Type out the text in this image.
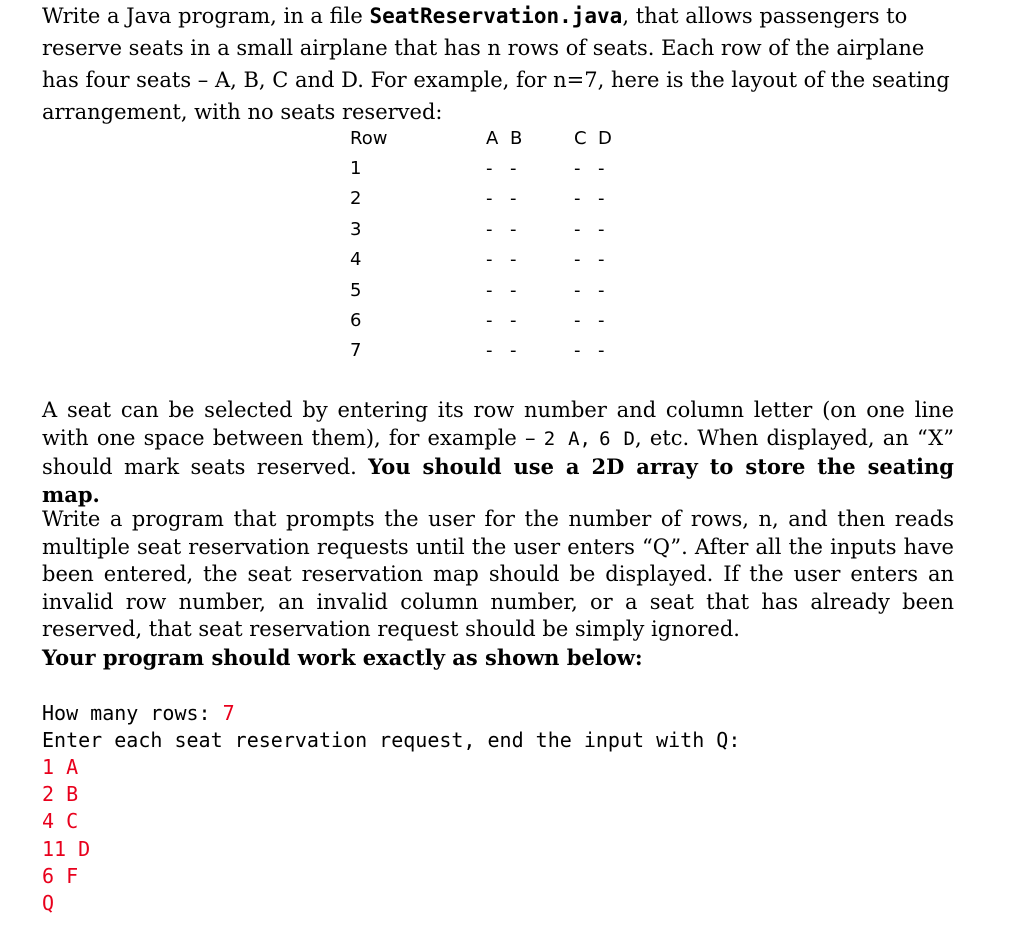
Write a Java program, in a file SeatReservation.java, that allows passengers to reserve seats in a small airplane that has n rows of seats. Each row of the airplane has four seats – A, B, C and D. For example, for n=7, here is the layout of the seating arrangement, with no seats reserved:
Row	A B	C D
1	- -	- -
2	- -	- -
3	- -	- -
4	- -	- -
5	- -	- -
6	- -	- -
7	- -	- -
A seat can be selected by entering its row number and column letter (on one line with one space between them), for example – 2 A, 6 D, etc. When displayed, an “X” should mark seats reserved. You should use a 2D array to store the seating map.
Write a program that prompts the user for the number of rows, n, and then reads multiple seat reservation requests until the user enters “Q”. After all the inputs have been entered, the seat reservation map should be displayed. If the user enters an invalid row number, an invalid column number, or a seat that has already been reserved, that seat reservation request should be simply ignored.
Your program should work exactly as shown below:
How many rows: 7
Enter each seat reservation request, end the input with Q:
1 A
2 B
4 C
11 D
6 F
Q
